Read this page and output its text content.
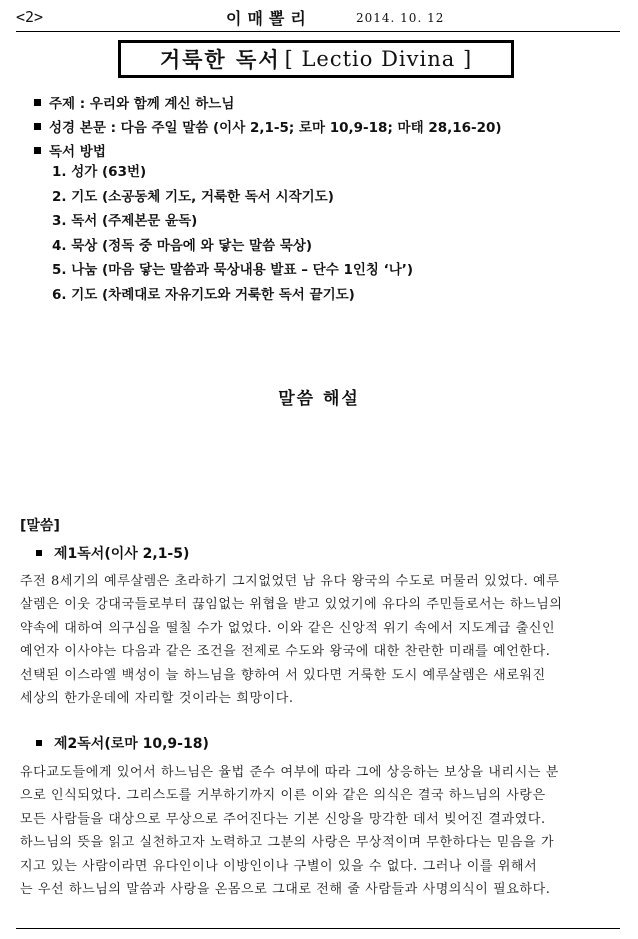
<2>	이매뽈리	2014. 10. 12
거룩한 독서 [ Lectio Divina ]
주제 : 우리와 함께 계신 하느님
성경 본문 : 다음 주일 말씀 (이사 2,1-5; 로마 10,9-18; 마태 28,16-20)
독서 방법
1. 성가 (63번)
2. 기도 (소공동체 기도, 거룩한 독서 시작기도)
3. 독서 (주제본문 윤독)
4. 묵상 (정독 중 마음에 와 닿는 말씀 묵상)
5. 나눔 (마음 닿는 말씀과 묵상내용 발표 – 단수 1인칭 ‘나’)
6. 기도 (차례대로 자유기도와 거룩한 독서 끝기도)
말씀 해설
[말씀]
제1독서(이사 2,1-5)
주전 8세기의 예루살렘은 초라하기 그지없었던 남 유다 왕국의 수도로 머물러 있었다. 예루
살렘은 이웃 강대국들로부터 끊임없는 위협을 받고 있었기에 유다의 주민들로서는 하느님의
약속에 대하여 의구심을 떨칠 수가 없었다. 이와 같은 신앙적 위기 속에서 지도계급 출신인
예언자 이사야는 다음과 같은 조건을 전제로 수도와 왕국에 대한 찬란한 미래를 예언한다.
선택된 이스라엘 백성이 늘 하느님을 향하여 서 있다면 거룩한 도시 예루살렘은 새로워진
세상의 한가운데에 자리할 것이라는 희망이다.
제2독서(로마 10,9-18)
유다교도들에게 있어서 하느님은 율법 준수 여부에 따라 그에 상응하는 보상을 내리시는 분
으로 인식되었다. 그리스도를 거부하기까지 이른 이와 같은 의식은 결국 하느님의 사랑은
모든 사람들을 대상으로 무상으로 주어진다는 기본 신앙을 망각한 데서 빚어진 결과였다.
하느님의 뜻을 읽고 실천하고자 노력하고 그분의 사랑은 무상적이며 무한하다는 믿음을 가
지고 있는 사람이라면 유다인이나 이방인이나 구별이 있을 수 없다. 그러나 이를 위해서
는 우선 하느님의 말씀과 사랑을 온몸으로 그대로 전해 줄 사람들과 사명의식이 필요하다.
